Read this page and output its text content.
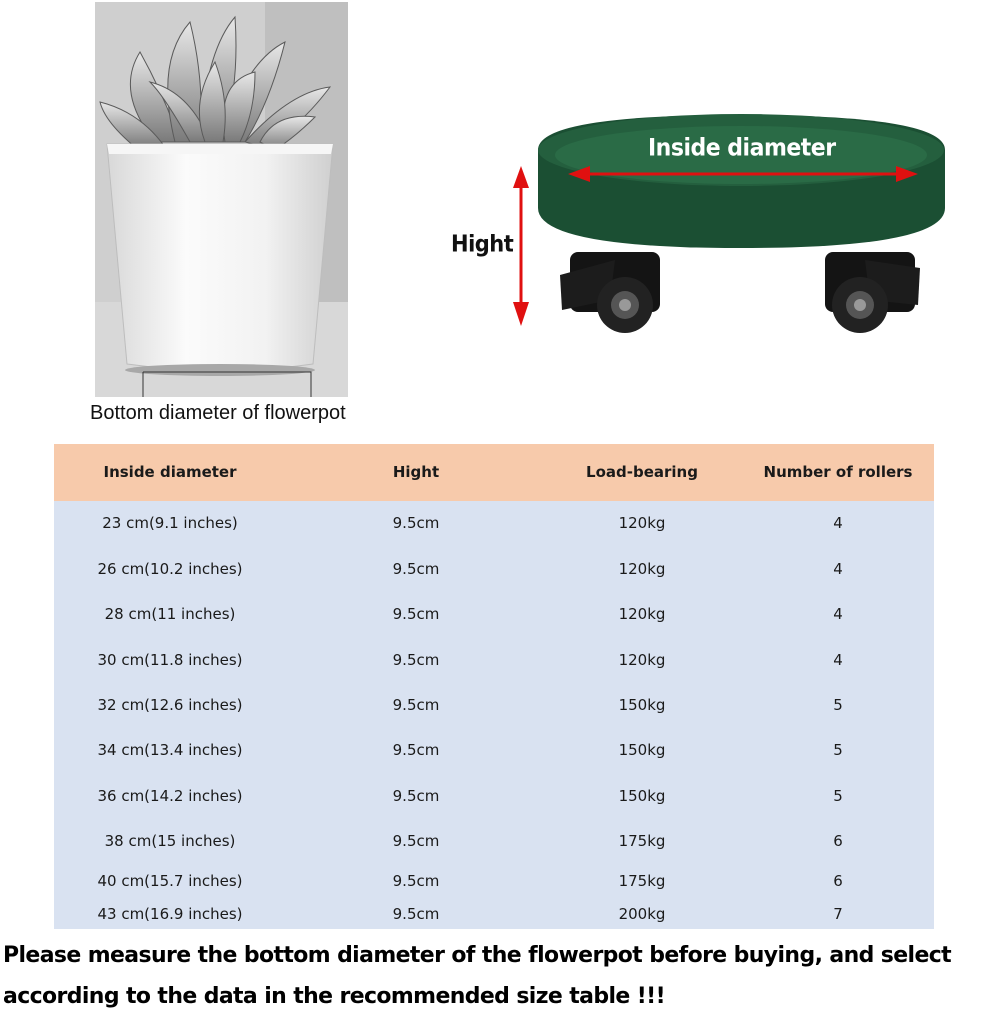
Bottom diameter of flowerpot
Inside diameter
Hight
Inside diameter	Hight	Load-bearing	Number of rollers
23 cm(9.1 inches)	9.5cm	120kg	4
26 cm(10.2 inches)	9.5cm	120kg	4
28 cm(11 inches)	9.5cm	120kg	4
30 cm(11.8 inches)	9.5cm	120kg	4
32 cm(12.6 inches)	9.5cm	150kg	5
34 cm(13.4 inches)	9.5cm	150kg	5
36 cm(14.2 inches)	9.5cm	150kg	5
38 cm(15 inches)	9.5cm	175kg	6
40 cm(15.7 inches)	9.5cm	175kg	6
43 cm(16.9 inches)	9.5cm	200kg	7
Please measure the bottom diameter of the flowerpot before buying, and select
according to the data in the recommended size table !!!
